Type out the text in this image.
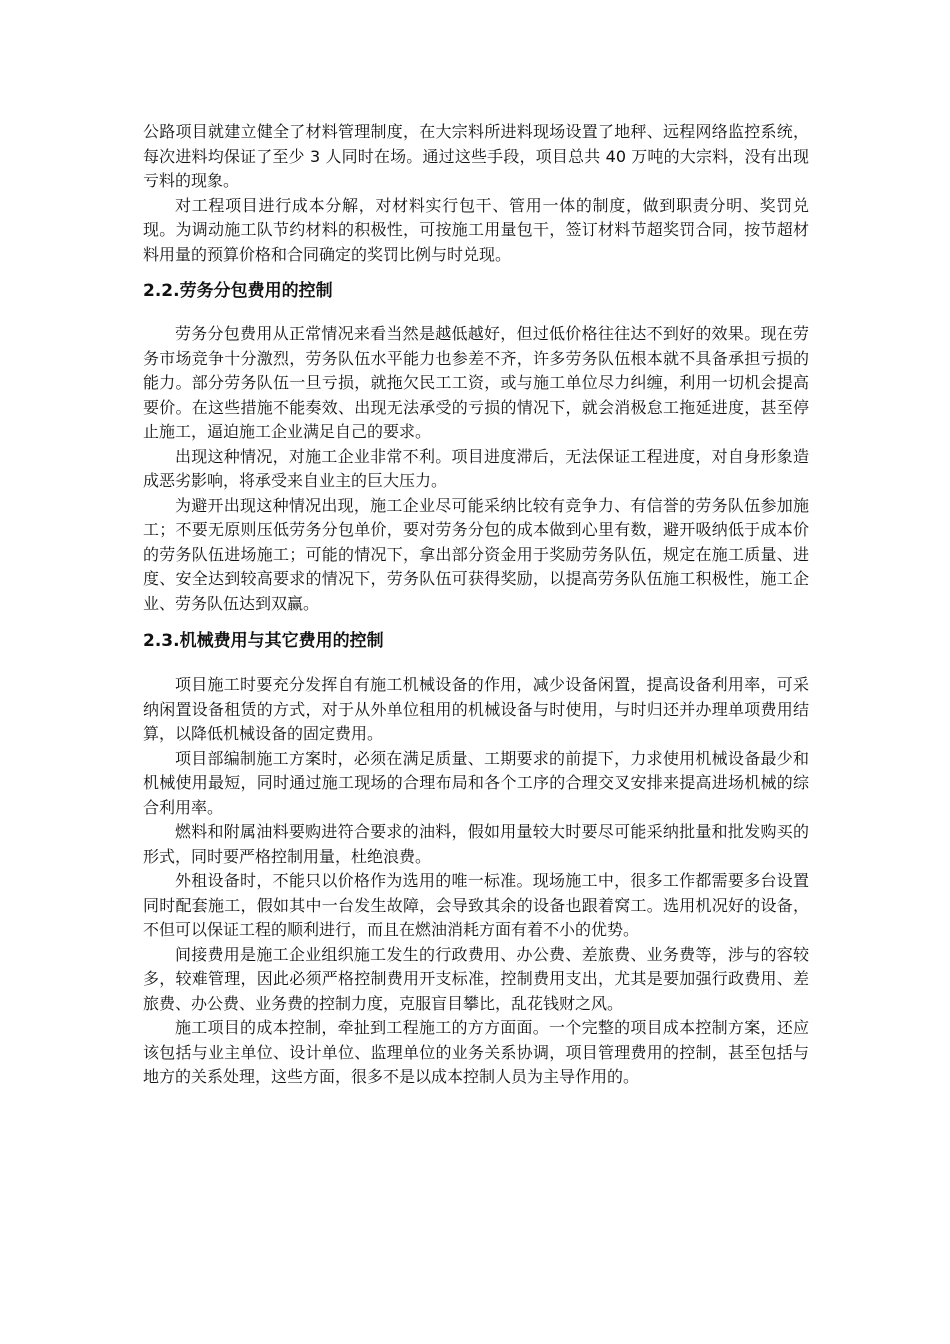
公路项目就建立健全了材料管理制度，在大宗料所进料现场设置了地秤、远程网络监控系统，每次进料均保证了至少 3 人同时在场。通过这些手段，项目总共 40 万吨的大宗料，没有出现亏料的现象。

对工程项目进行成本分解，对材料实行包干、管用一体的制度，做到职责分明、奖罚兑现。为调动施工队节约材料的积极性，可按施工用量包干，签订材料节超奖罚合同，按节超材料用量的预算价格和合同确定的奖罚比例与时兑现。

2.2.劳务分包费用的控制

劳务分包费用从正常情况来看当然是越低越好，但过低价格往往达不到好的效果。现在劳务市场竞争十分激烈，劳务队伍水平能力也参差不齐，许多劳务队伍根本就不具备承担亏损的能力。部分劳务队伍一旦亏损，就拖欠民工工资，或与施工单位尽力纠缠，利用一切机会提高要价。在这些措施不能奏效、出现无法承受的亏损的情况下，就会消极怠工拖延进度，甚至停止施工，逼迫施工企业满足自己的要求。

出现这种情况，对施工企业非常不利。项目进度滞后，无法保证工程进度，对自身形象造成恶劣影响，将承受来自业主的巨大压力。

为避开出现这种情况出现，施工企业尽可能采纳比较有竞争力、有信誉的劳务队伍参加施工；不要无原则压低劳务分包单价，要对劳务分包的成本做到心里有数，避开吸纳低于成本价的劳务队伍进场施工；可能的情况下，拿出部分资金用于奖励劳务队伍，规定在施工质量、进度、安全达到较高要求的情况下，劳务队伍可获得奖励，以提高劳务队伍施工积极性，施工企业、劳务队伍达到双赢。

2.3.机械费用与其它费用的控制

项目施工时要充分发挥自有施工机械设备的作用，减少设备闲置，提高设备利用率，可采纳闲置设备租赁的方式，对于从外单位租用的机械设备与时使用，与时归还并办理单项费用结算，以降低机械设备的固定费用。

项目部编制施工方案时，必须在满足质量、工期要求的前提下，力求使用机械设备最少和机械使用最短，同时通过施工现场的合理布局和各个工序的合理交叉安排来提高进场机械的综合利用率。

燃料和附属油料要购进符合要求的油料，假如用量较大时要尽可能采纳批量和批发购买的形式，同时要严格控制用量，杜绝浪费。

外租设备时，不能只以价格作为选用的唯一标准。现场施工中，很多工作都需要多台设置同时配套施工，假如其中一台发生故障，会导致其余的设备也跟着窝工。选用机况好的设备，不但可以保证工程的顺利进行，而且在燃油消耗方面有着不小的优势。

间接费用是施工企业组织施工发生的行政费用、办公费、差旅费、业务费等，涉与的容较多，较难管理，因此必须严格控制费用开支标准，控制费用支出，尤其是要加强行政费用、差旅费、办公费、业务费的控制力度，克服盲目攀比，乱花钱财之风。

施工项目的成本控制，牵扯到工程施工的方方面面。一个完整的项目成本控制方案，还应该包括与业主单位、设计单位、监理单位的业务关系协调，项目管理费用的控制，甚至包括与地方的关系处理，这些方面，很多不是以成本控制人员为主导作用的。
